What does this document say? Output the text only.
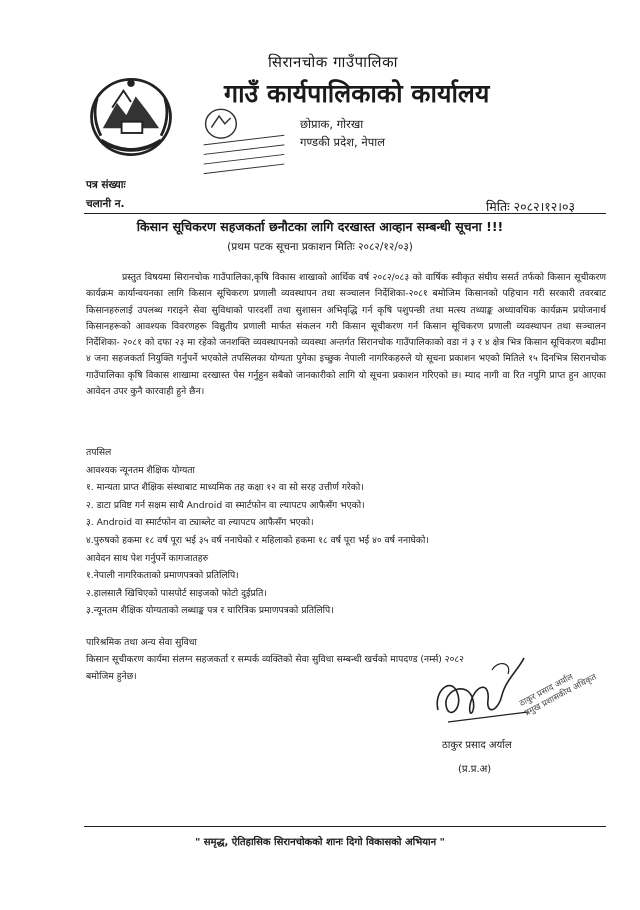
सिरानचोक गाउँपालिका
गाउँ कार्यपालिकाको कार्यालय
छोप्राक, गोरखा
गण्डकी प्रदेश, नेपाल
पत्र संख्याः
चलानी न.	मितिः २०८२।१२।०३
किसान सूचिकरण सहजकर्ता छनौटका लागि दरखास्त आव्हान सम्बन्धी सूचना !!!
(प्रथम पटक सूचना प्रकाशन मितिः २०८२/१२/०३)

प्रस्तुत विषयमा सिरानचोक गाउँपालिका,कृषि विकास शाखाको आर्थिक वर्ष २०८२/०८३ को वार्षिक स्वीकृत संघीय ससर्त तर्फको किसान सूचीकरण कार्यक्रम कार्यान्वयनका लागि किसान सूचिकरण प्रणाली व्यवस्थापन तथा सञ्चालन निर्देशिका-२०८१ बमोजिम किसानको पहिचान गरी सरकारी तवरबाट किसानहरुलाई उपलब्ध गराइने सेवा सुविधाको पारदर्शी तथा सुशासन अभिवृद्धि गर्न कृषि पशुपन्छी तथा मत्स्य तथ्याङ्क अध्यावधिक कार्यक्रम प्रयोजनार्थ किसानहरूको आवश्यक विवरणहरू विद्युतीय प्रणाली मार्फत संकलन गरी किसान सूचीकरण गर्न किसान सूचिकरण प्रणाली व्यवस्थापन तथा सञ्चालन निर्देशिका- २०८१ को दफा २३ मा रहेको जनशक्ति व्यवस्थापनको व्यवस्था अन्तर्गत सिरानचोक गाउँपालिकाको वडा नं ३ र ४ क्षेत्र भित्र किसान सूचिकरण बढीमा ४ जना सहजकर्ता नियुक्ति गर्नुपर्ने भएकोले तपसिलका योग्यता पुगेका इच्छुक नेपाली नागरिकहरुले यो सूचना प्रकाशन भएको मितिले १५ दिनभित्र सिरानचोक गाउँपालिका कृषि विकास शाखामा दरखास्त पेस गर्नुहुन सबैको जानकारीको लागि यो सूचना प्रकाशन गरिएको छ। म्याद नागी वा रित नपुगि प्राप्त हुन आएका आवेदन उपर कुनै कारवाही हुने छैन।

तपसिल
आवश्यक न्यूनतम शैक्षिक योग्यता
१. मान्यता प्राप्त शैक्षिक संस्थाबाट माध्यमिक तह कक्षा १२ वा सो सरह उत्तीर्ण गरेको।
२. डाटा प्रविष्ट गर्न सक्षम साथै Android वा स्मार्टफोन वा ल्यापटप आफैसँग भएको।
३. Android वा स्मार्टफोन वा ट्याब्लेट वा ल्यापटप आफैसँग भएको।
४.पुरुषको हकमा १८ वर्ष पूरा भई ३५ वर्ष ननाघेको र महिलाको हकमा १८ वर्ष पूरा भई ४० वर्ष ननाघेको।
आवेदन साथ पेश गर्नुपर्ने कागजातहरु
१.नेपाली नागरिकताको प्रमाणपत्रको प्रतिलिपि।
२.हालसालै खिचिएको पासपोर्ट साइजको फोटो दुईप्रति।
३.न्यूनतम शैक्षिक योग्यताको लब्धाङ्क पत्र र चारित्रिक प्रमाणपत्रको प्रतिलिपि।
पारिश्रमिक तथा अन्य सेवा सुविधा
किसान सूचीकरण कार्यमा संलग्न सहजकर्ता र सम्पर्क व्यक्तिको सेवा सुविधा सम्बन्धी खर्चको मापदण्ड (नर्म्स) २०८२
बमोजिम हुनेछ।	ठाकुर प्रसाद अर्याल
प्रमुख प्रशासकीय अधिकृत
ठाकुर प्रसाद अर्याल
(प्र.प्र.अ)
" समृद्ध, ऐतिहासिक सिरानचोकको शानः दिगो विकासको अभियान "
